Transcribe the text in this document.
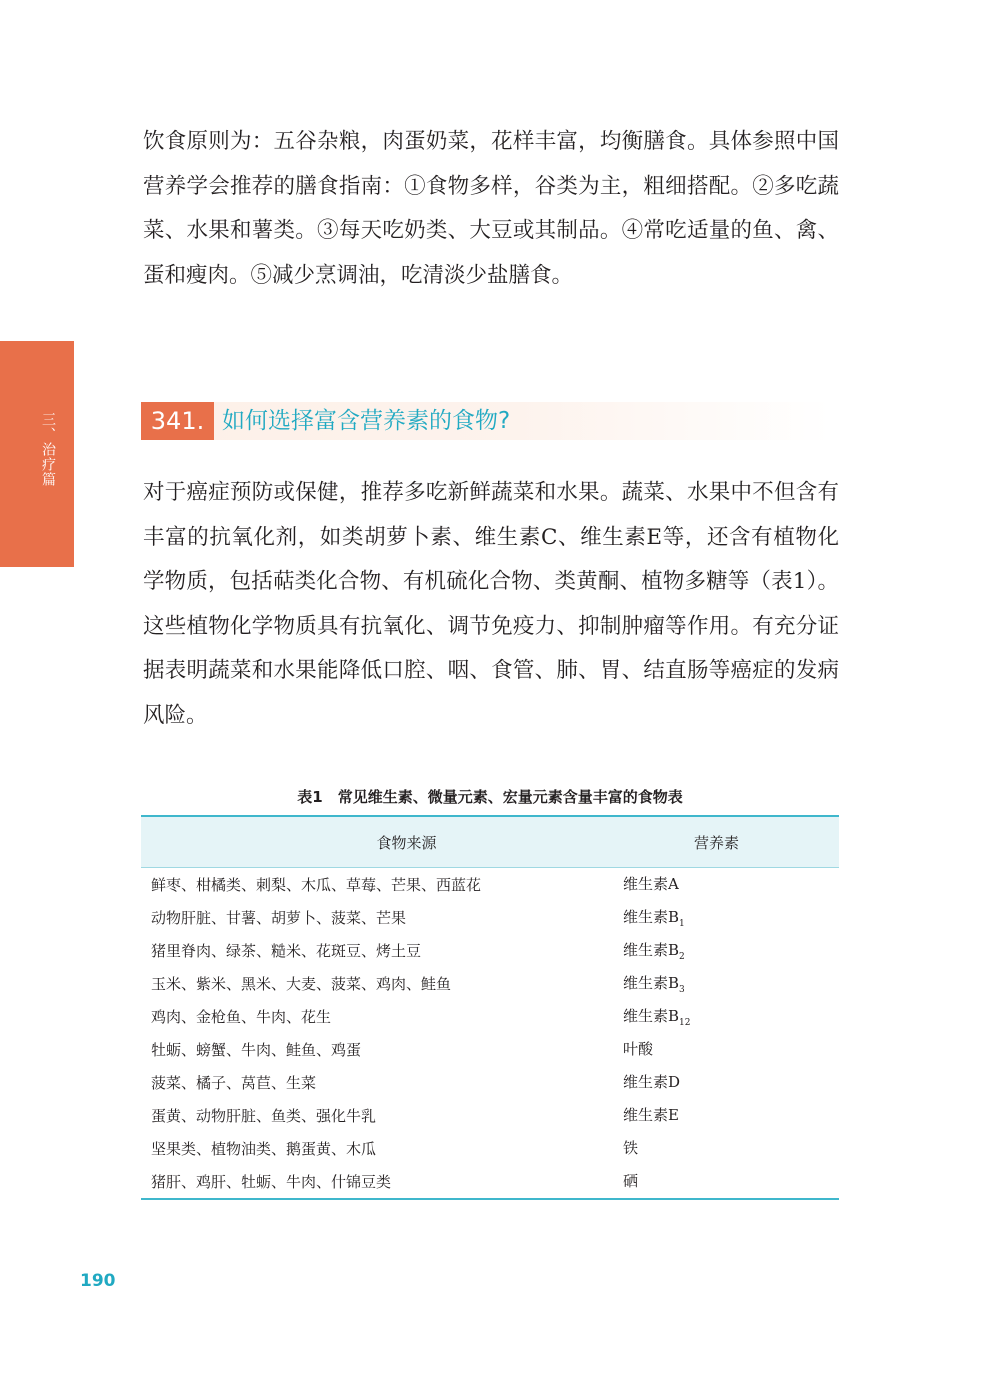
三、治疗篇

饮食原则为：五谷杂粮，肉蛋奶菜，花样丰富，均衡膳食。具体参照中国营养学会推荐的膳食指南：①食物多样，谷类为主，粗细搭配。②多吃蔬菜、水果和薯类。③每天吃奶类、大豆或其制品。④常吃适量的鱼、禽、蛋和瘦肉。⑤减少烹调油，吃清淡少盐膳食。

341. 如何选择富含营养素的食物?

对于癌症预防或保健，推荐多吃新鲜蔬菜和水果。蔬菜、水果中不但含有丰富的抗氧化剂，如类胡萝卜素、维生素C、维生素E等，还含有植物化学物质，包括萜类化合物、有机硫化合物、类黄酮、植物多糖等（表1）。这些植物化学物质具有抗氧化、调节免疫力、抑制肿瘤等作用。有充分证据表明蔬菜和水果能降低口腔、咽、食管、肺、胃、结直肠等癌症的发病风险。

表1　常见维生素、微量元素、宏量元素含量丰富的食物表
食物来源	营养素
鲜枣、柑橘类、刺梨、木瓜、草莓、芒果、西蓝花	维生素A
动物肝脏、甘薯、胡萝卜、菠菜、芒果	维生素$B_1$
猪里脊肉、绿茶、糙米、花斑豆、烤土豆	维生素$B_2$
玉米、紫米、黑米、大麦、菠菜、鸡肉、鲑鱼	维生素$B_3$
鸡肉、金枪鱼、牛肉、花生	维生素$B_{12}$
牡蛎、螃蟹、牛肉、鲑鱼、鸡蛋	叶酸
菠菜、橘子、莴苣、生菜	维生素D
蛋黄、动物肝脏、鱼类、强化牛乳	维生素E
坚果类、植物油类、鹅蛋黄、木瓜	铁
猪肝、鸡肝、牡蛎、牛肉、什锦豆类	硒
190
